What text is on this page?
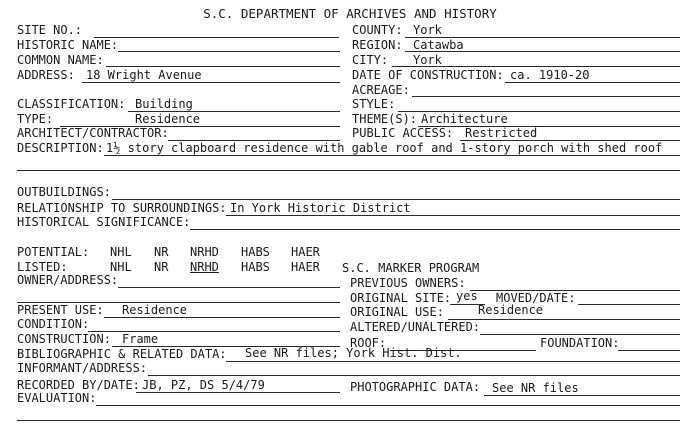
S.C. DEPARTMENT OF ARCHIVES AND HISTORY
SITE NO.:
HISTORIC NAME:
COMMON NAME:
ADDRESS: 18 Wright Avenue
CLASSIFICATION: Building
TYPE:	Residence
ARCHITECT/CONTRACTOR:
COUNTY: York
REGION: Catawba
CITY: York
DATE OF CONSTRUCTION: ca. 1910-20
ACREAGE:
STYLE:
THEME(S): Architecture
PUBLIC ACCESS: Restricted
DESCRIPTION: 1½ story clapboard residence with gable roof and 1-story porch with shed roof
OUTBUILDINGS:
RELATIONSHIP TO SURROUNDINGS: In York Historic District
HISTORICAL SIGNIFICANCE:
POTENTIAL: NHL NR NRHD HABS HAER
LISTED:	NHL NR NRHD HABS HAER S.C. MARKER PROGRAM
OWNER/ADDRESS:	PREVIOUS OWNERS:
ORIGINAL SITE: yes MOVED/DATE:
PRESENT USE: Residence	ORIGINAL USE:	Residence
CONDITION:	ALTERED/UNALTERED:
CONSTRUCTION: Frame	ROOF:	FOUNDATION:
BIBLIOGRAPHIC & RELATED DATA: See NR files; York Hist. Dist.
INFORMANT/ADDRESS:
RECORDED BY/DATE: JB, PZ, DS 5/4/79	PHOTOGRAPHIC DATA: See NR files
EVALUATION:
